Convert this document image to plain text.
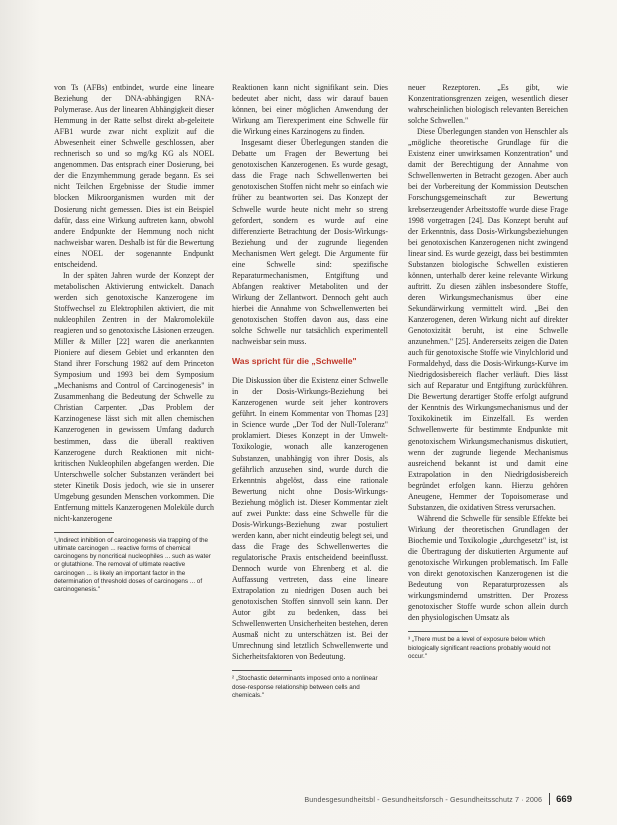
von Ts (AFBs) entbindet, wurde eine lineare Beziehung der DNA-abhängigen RNA-Polymerase. Aus der linearen Abhängigkeit dieser Hemmung in der Ratte selbst direkt ab-geleitete AFB1 wurde zwar nicht explizit auf die Abwesenheit einer Schwelle geschlossen, aber rechnerisch so und so mg/kg KG als NOEL angenommen. Das entsprach einer Dosierung, bei der die Enzymhemmung gerade begann. Es sei nicht Teilchen Ergebnisse der Studie immer blocken Mikroorganismen wurden mit der Dosierung nicht gemessen. Dies ist ein Beispiel dafür, dass eine Wirkung auftreten kann, obwohl andere Endpunkte der Hemmung noch nicht nachweisbar waren. Deshalb ist für die Bewertung eines NOEL der sogenannte Endpunkt entscheidend.

In der späten Jahren wurde der Konzept der metabolischen Aktivierung entwickelt. Danach werden sich genotoxische Kanzerogene im Stoffwechsel zu Elektrophilen aktiviert, die mit nukleophilen Zentren in der Makromoleküle reagieren und so genotoxische Läsionen erzeugen. Miller & Miller [22] waren die anerkannten Pioniere auf diesem Gebiet und erkannten den Stand ihrer Forschung 1982 auf dem Princeton Symposium und 1993 bei dem Symposium „Mechanisms and Control of Carcinogenesis" in Zusammenhang die Bedeutung der Schwelle zu Christian Carpenter. „Das Problem der Karzinogenese lässt sich mit allen chemischen Kanzerogenen in gewissem Umfang dadurch bestimmen, dass die überall reaktiven Kanzerogene durch Reaktionen mit nicht-kritischen Nukleophilen abgefangen werden. Die Unterschwelle solcher Substanzen verändert bei steter Kinetik Dosis jedoch, wie sie in unserer Umgebung gesunden Menschen vorkommen. Die Entfernung mittels Kanzerogenen Moleküle durch nicht-kanzerogene

¹„Indirect inhibition of carcinogenesis via trapping of the ultimate carcinogen ... reactive forms of chemical carcinogens by noncritical nucleophiles ... such as water or glutathione. The removal of ultimate reactive carcinogen ... is likely an important factor in the determination of threshold doses of carcinogens ... of carcinogenesis."

Reaktionen kann nicht signifikant sein. Dies bedeutet aber nicht, dass wir darauf bauen können, bei einer möglichen Anwendung der Wirkung am Tierexperiment eine Schwelle für die Wirkung eines Karzinogens zu finden.

Insgesamt dieser Überlegungen standen die Debatte um Fragen der Bewertung bei genotoxischen Kanzerogenen. Es wurde gesagt, dass die Frage nach Schwellenwerten bei genotoxischen Stoffen nicht mehr so einfach wie früher zu beantworten sei. Das Konzept der Schwelle wurde heute nicht mehr so streng gefordert, sondern es wurde auf eine differenzierte Betrachtung der Dosis-Wirkungs-Beziehung und der zugrunde liegenden Mechanismen Wert gelegt. Die Argumente für eine Schwelle sind: spezifische Reparaturmechanismen, Entgiftung und Abfangen reaktiver Metaboliten und der Wirkung der Zellantwort. Dennoch geht auch hierbei die Annahme von Schwellenwerten bei genotoxischen Stoffen davon aus, dass eine solche Schwelle nur tatsächlich experimentell nachweisbar sein muss.

Was spricht für die „Schwelle"

Die Diskussion über die Existenz einer Schwelle in der Dosis-Wirkungs-Beziehung bei Kanzerogenen wurde seit jeher kontrovers geführt. In einem Kommentar von Thomas [23] in Science wurde „Der Tod der Null-Toleranz" proklamiert. Dieses Konzept in der Umwelt-Toxikologie, wonach alle kanzerogenen Substanzen, unabhängig von ihrer Dosis, als gefährlich anzusehen sind, wurde durch die Erkenntnis abgelöst, dass eine rationale Bewertung nicht ohne Dosis-Wirkungs-Beziehung möglich ist. Dieser Kommentar zielt auf zwei Punkte: dass eine Schwelle für die Dosis-Wirkungs-Beziehung zwar postuliert werden kann, aber nicht eindeutig belegt sei, und dass die Frage des Schwellenwertes die regulatorische Praxis entscheidend beeinflusst. Dennoch wurde von Ehrenberg et al. die Auffassung vertreten, dass eine lineare Extrapolation zu niedrigen Dosen auch bei genotoxischen Stoffen sinnvoll sein kann. Der Autor gibt zu bedenken, dass bei Schwellenwerten Unsicherheiten bestehen, deren Ausmaß nicht zu unterschätzen ist. Bei der Umrechnung sind letztlich Schwellenwerte und Sicherheitsfaktoren von Bedeutung.

² „Stochastic determinants imposed onto a nonlinear dose-response relationship between cells and chemicals."

neuer Rezeptoren. „Es gibt, wie Konzentrationsgrenzen zeigen, wesentlich dieser wahrscheinlichen biologisch relevanten Bereichen solche Schwellen."

Diese Überlegungen standen von Henschler als „mögliche theoretische Grundlage für die Existenz einer unwirksamen Konzentration" und damit der Berechtigung der Annahme von Schwellenwerten in Betracht gezogen. Aber auch bei der Vorbereitung der Kommission Deutschen Forschungsgemeinschaft zur Bewertung krebserzeugender Arbeitsstoffe wurde diese Frage 1998 vorgetragen [24]. Das Konzept beruht auf der Erkenntnis, dass Dosis-Wirkungsbeziehungen bei genotoxischen Kanzerogenen nicht zwingend linear sind. Es wurde gezeigt, dass bei bestimmten Substanzen biologische Schwellen existieren können, unterhalb derer keine relevante Wirkung auftritt. Zu diesen zählen insbesondere Stoffe, deren Wirkungsmechanismus über eine Sekundärwirkung vermittelt wird. „Bei den Kanzerogenen, deren Wirkung nicht auf direkter Genotoxizität beruht, ist eine Schwelle anzunehmen." [25]. Andererseits zeigen die Daten auch für genotoxische Stoffe wie Vinylchlorid und Formaldehyd, dass die Dosis-Wirkungs-Kurve im Niedrigdosisbereich flacher verläuft. Dies lässt sich auf Reparatur und Entgiftung zurückführen. Die Bewertung derartiger Stoffe erfolgt aufgrund der Kenntnis des Wirkungsmechanismus und der Toxikokinetik im Einzelfall. Es werden Schwellenwerte für bestimmte Endpunkte mit genotoxischem Wirkungsmechanismus diskutiert, wenn der zugrunde liegende Mechanismus ausreichend bekannt ist und damit eine Extrapolation in den Niedrigdosisbereich begründet erfolgen kann. Hierzu gehören Aneugene, Hemmer der Topoisomerase und Substanzen, die oxidativen Stress verursachen.

Während die Schwelle für sensible Effekte bei Wirkung der theoretischen Grundlagen der Biochemie und Toxikologie „durchgesetzt" ist, ist die Übertragung der diskutierten Argumente auf genotoxische Wirkungen problematisch. Im Falle von direkt genotoxischen Kanzerogenen ist die Bedeutung von Reparaturprozessen als wirkungsmindernd umstritten. Der Prozess genotoxischer Stoffe wurde schon allein durch den physiologischen Umsatz als

³ „There must be a level of exposure below which biologically significant reactions probably would not occur."

Bundesgesundheitsbl - Gesundheitsforsch - Gesundheitsschutz 7 · 2006 669
